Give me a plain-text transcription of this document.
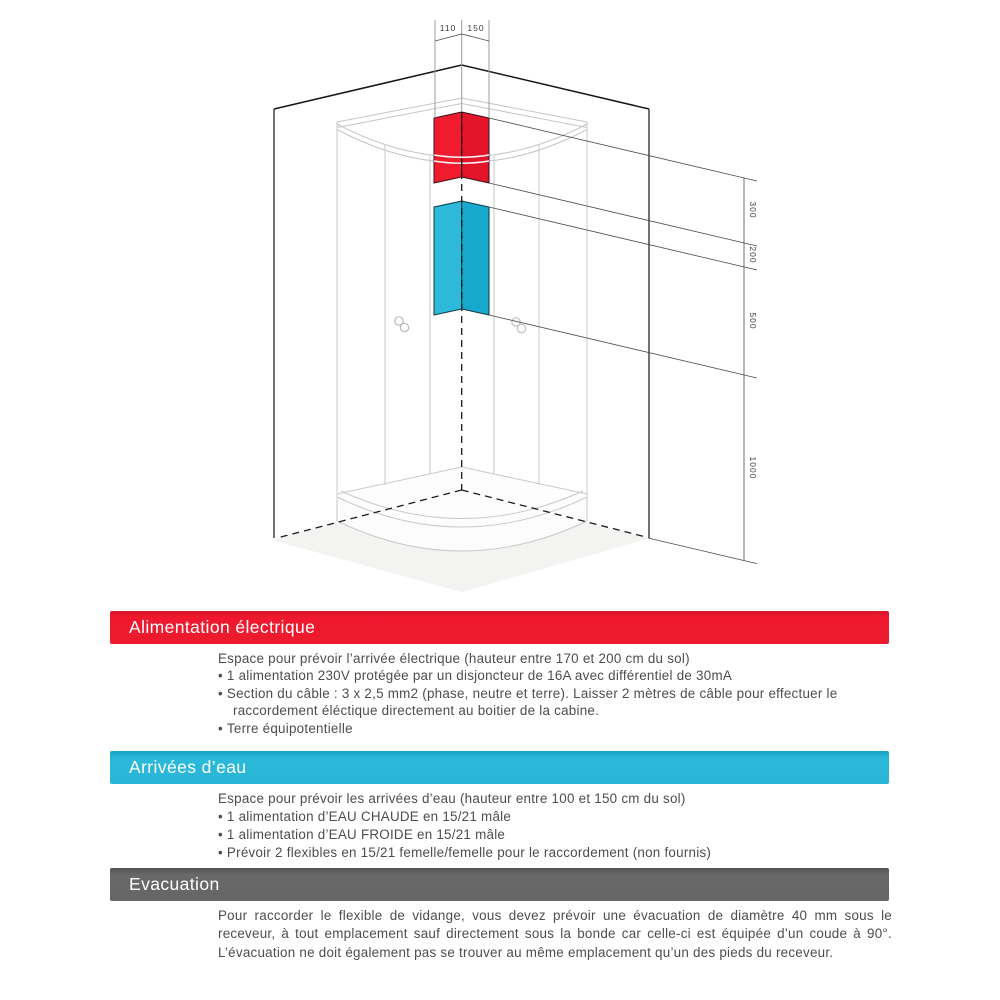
110 150
300
200
500
1000
Alimentation électrique
Espace pour prévoir l’arrivée électrique (hauteur entre 170 et 200 cm du sol)
• 1 alimentation 230V protégée par un disjoncteur de 16A avec différentiel de 30mA
• Section du câble : 3 x 2,5 mm2 (phase, neutre et terre). Laisser 2 mètres de câble pour effectuer le raccordement éléctique directement au boitier de la cabine.
• Terre équipotentielle
Arrivées d’eau
Espace pour prévoir les arrivées d’eau (hauteur entre 100 et 150 cm du sol)
• 1 alimentation d’EAU CHAUDE en 15/21 mâle
• 1 alimentation d’EAU FROIDE en 15/21 mâle
• Prévoir 2 flexibles en 15/21 femelle/femelle pour le raccordement (non fournis)
Evacuation
Pour raccorder le flexible de vidange, vous devez prévoir une évacuation de diamètre 40 mm sous le receveur, à tout emplacement sauf directement sous la bonde car celle-ci est équipée d’un coude à 90°. L’évacuation ne doit également pas se trouver au même emplacement qu’un des pieds du receveur.
